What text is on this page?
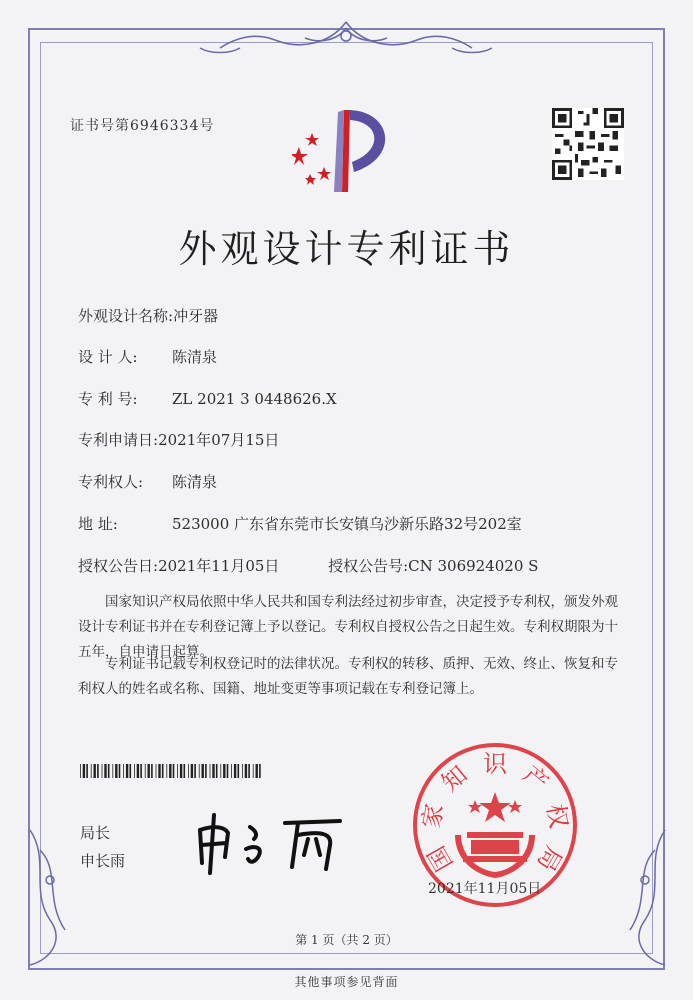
证书号第6946334号
外观设计专利证书
外观设计名称:冲牙器
设 计 人: 陈清泉
专 利 号: ZL 2021 3 0448626.X
专利申请日:2021年07月15日
专利权人: 陈清泉
地 址:	523000 广东省东莞市长安镇乌沙新乐路32号202室
授权公告日:2021年11月05日	授权公告号:CN 306924020 S
国家知识产权局依照中华人民共和国专利法经过初步审查，决定授予专利权，颁发外观设计专利证书并在专利登记簿上予以登记。专利权自授权公告之日起生效。专利权期限为十五年，自申请日起算。
专利证书记载专利权登记时的法律状况。专利权的转移、质押、无效、终止、恢复和专利权人的姓名或名称、国籍、地址变更等事项记载在专利登记簿上。
局长
申长雨	国
家
知 识 产
权
局
2021年11月05日
第 1 页（共 2 页）
其他事项参见背面
